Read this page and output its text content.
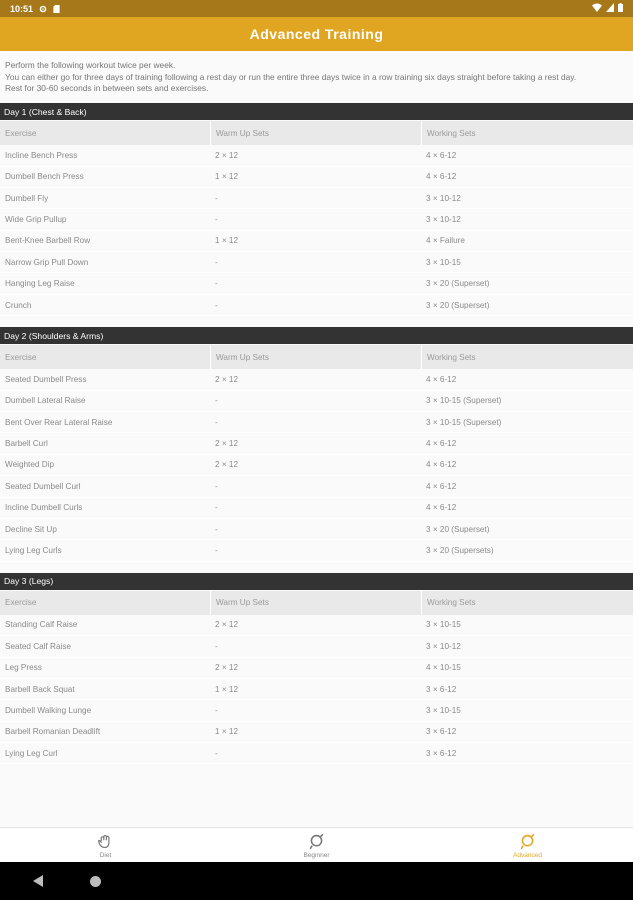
10:51
Advanced Training
Perform the following workout twice per week.
You can either go for three days of training following a rest day or run the entire three days twice in a row training six days straight before taking a rest day.
Rest for 30-60 seconds in between sets and exercises.
Day 1 (Chest & Back)
Exercise	Warm Up Sets	Working Sets
Incline Bench Press	2 × 12	4 × 6-12
Dumbell Bench Press	1 × 12	4 × 6-12
Dumbell Fly	-	3 × 10-12
Wide Grip Pullup	-	3 × 10-12
Bent-Knee Barbell Row	1 × 12	4 × Failure
Narrow Grip Pull Down	-	3 × 10-15
Hanging Leg Raise	-	3 × 20 (Superset)
Crunch	-	3 × 20 (Superset)
Day 2 (Shoulders & Arms)
Exercise	Warm Up Sets	Working Sets
Seated Dumbell Press	2 × 12	4 × 6-12
Dumbell Lateral Raise	-	3 × 10-15 (Superset)
Bent Over Rear Lateral Raise	-	3 × 10-15 (Superset)
Barbell Curl	2 × 12	4 × 6-12
Weighted Dip	2 × 12	4 × 6-12
Seated Dumbell Curl	-	4 × 6-12
Incline Dumbell Curls	-	4 × 6-12
Decline Sit Up	-	3 × 20 (Superset)
Lying Leg Curls	-	3 × 20 (Supersets)
Day 3 (Legs)
Exercise	Warm Up Sets	Working Sets
Standing Calf Raise	2 × 12	3 × 10-15
Seated Calf Raise	-	3 × 10-12
Leg Press	2 × 12	4 × 10-15
Barbell Back Squat	1 × 12	3 × 6-12
Dumbell Walking Lunge	-	3 × 10-15
Barbell Romanian Deadlift	1 × 12	3 × 6-12
Lying Leg Curl	-	3 × 6-12
Diet	Beginner	Advanced
